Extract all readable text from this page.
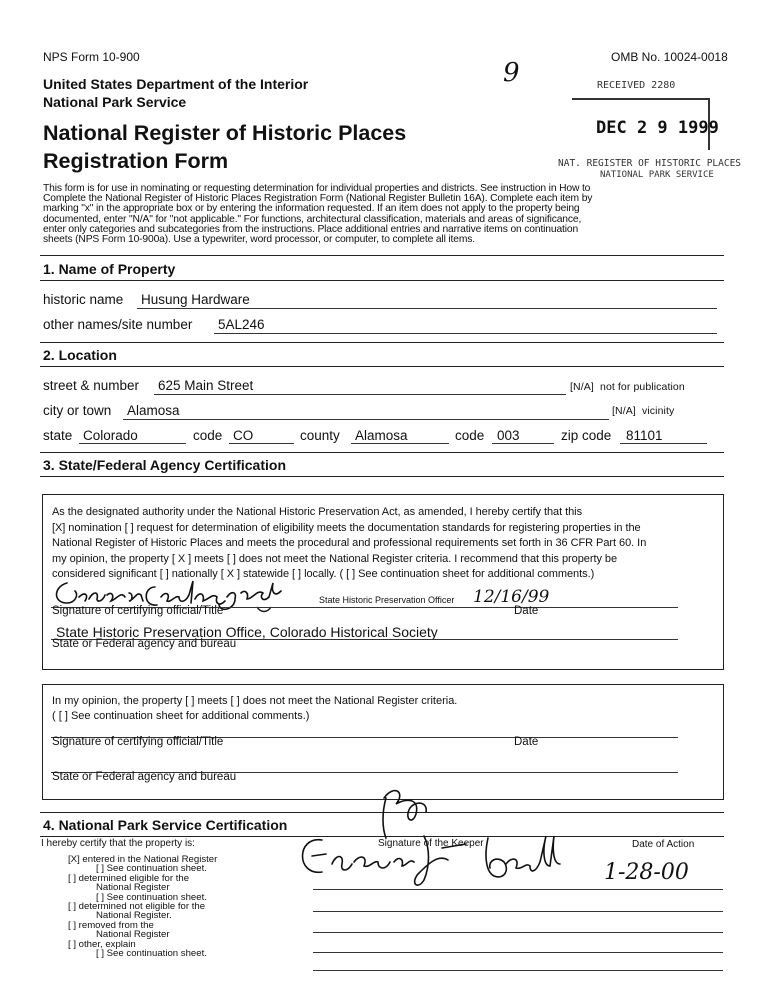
NPS Form 10-900	OMB No. 10024-0018
United States Department of the Interior
National Park Service
National Register of Historic Places
Registration Form
9	RECEIVED 2280
DEC 2 9 1999
NAT. REGISTER OF HISTORIC PLACES
NATIONAL PARK SERVICE
This form is for use in nominating or requesting determination for individual properties and districts. See instruction in How to
Complete the National Register of Historic Places Registration Form (National Register Bulletin 16A). Complete each item by
marking "x" in the appropriate box or by entering the information requested. If an item does not apply to the property being
documented, enter "N/A" for "not applicable." For functions, architectural classification, materials and areas of significance,
enter only categories and subcategories from the instructions. Place additional entries and narrative items on continuation
sheets (NPS Form 10-900a). Use a typewriter, word processor, or computer, to complete all items.
1. Name of Property
historic name Husung Hardware
other names/site number 5AL246
2. Location
street & number 625 Main Street	[N/A] not for publication
city or town Alamosa	[N/A] vicinity
state Colorado	code CO	county Alamosa	code 003	zip code 81101
3. State/Federal Agency Certification
As the designated authority under the National Historic Preservation Act, as amended, I hereby certify that this
[X] nomination [ ] request for determination of eligibility meets the documentation standards for registering properties in the
National Register of Historic Places and meets the procedural and professional requirements set forth in 36 CFR Part 60. In
my opinion, the property [ X ] meets [ ] does not meet the National Register criteria. I recommend that this property be
considered significant [ ] nationally [ X ] statewide [ ] locally. ( [ ] See continuation sheet for additional comments.)
State Historic Preservation Officer 12/16/99
Signature of certifying official/Title	Date
State Historic Preservation Office, Colorado Historical Society
State or Federal agency and bureau
In my opinion, the property [ ] meets [ ] does not meet the National Register criteria.
( [ ] See continuation sheet for additional comments.)
Signature of certifying official/Title	Date
State or Federal agency and bureau
4. National Park Service Certification
I hereby certify that the property is:	Signature of the Keeper	Date of Action
1-28-00
[X] entered in the National Register
[ ] See continuation sheet.
[ ] determined eligible for the
National Register
[ ] See continuation sheet.
[ ] determined not eligible for the
National Register.
[ ] removed from the
National Register
[ ] other, explain
[ ] See continuation sheet.
